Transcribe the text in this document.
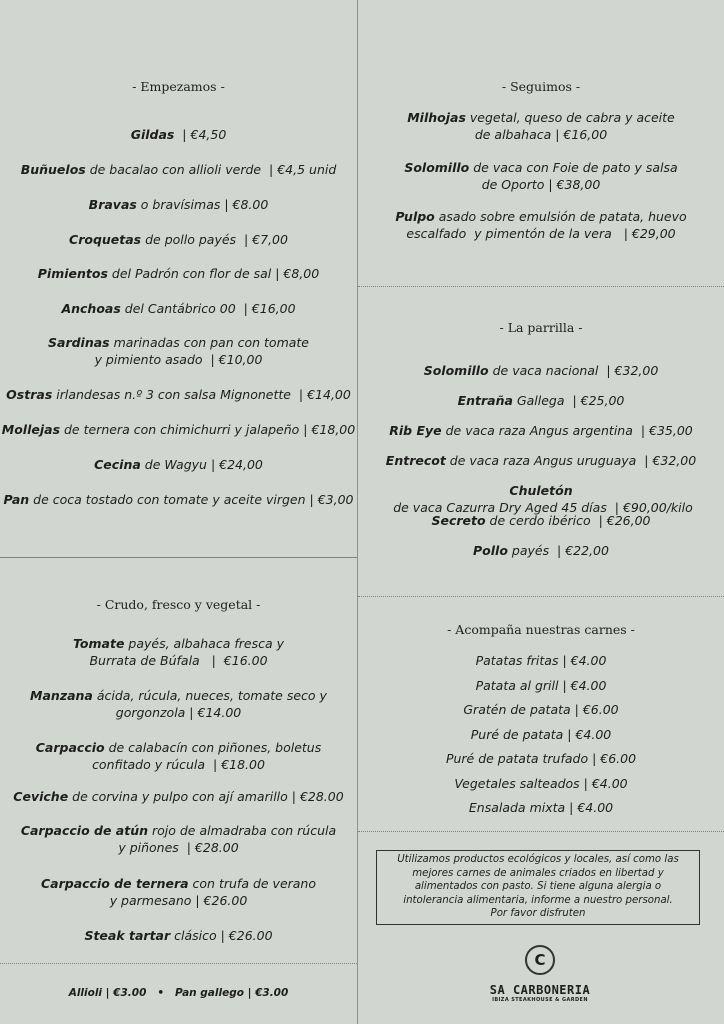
- Empezamos -
Gildas  | €4,50
Buñuelos de bacalao con allioli verde  | €4,5 unid
Bravas o bravísimas | €8.00
Croquetas de pollo payés  | €7,00
Pimientos del Padrón con flor de sal | €8,00
Anchoas del Cantábrico 00  | €16,00
Sardinas marinadas con pan con tomate
y pimiento asado  | €10,00
Ostras irlandesas n.º 3 con salsa Mignonette  | €14,00
Mollejas de ternera con chimichurri y jalapeño | €18,00
Cecina de Wagyu | €24,00
Pan de coca tostado con tomate y aceite virgen | €3,00
- Crudo, fresco y vegetal -
Tomate payés, albahaca fresca y
Burrata de Búfala   |  €16.00
Manzana ácida, rúcula, nueces, tomate seco y
gorgonzola | €14.00
Carpaccio de calabacín con piñones, boletus
confitado y rúcula  | €18.00
Ceviche de corvina y pulpo con ají amarillo | €28.00
Carpaccio de atún rojo de almadraba con rúcula
y piñones  | €28.00
Carpaccio de ternera con trufa de verano
y parmesano | €26.00
Steak tartar clásico | €26.00
Allioli | €3.00 • Pan gallego | €3.00
- Seguimos -
Milhojas vegetal, queso de cabra y aceite
de albahaca | €16,00
Solomillo de vaca con Foie de pato y salsa
de Oporto | €38,00
Pulpo asado sobre emulsión de patata, huevo
escalfado  y pimentón de la vera   | €29,00
- La parrilla -
Solomillo de vaca nacional  | €32,00
Entraña Gallega  | €25,00
Rib Eye de vaca raza Angus argentina  | €35,00
Entrecot de vaca raza Angus uruguaya  | €32,00
Chuletón de vaca Cazurra Dry Aged 45 días  | €90,00/kilo
Secreto de cerdo ibérico  | €26,00
Pollo payés  | €22,00
- Acompaña nuestras carnes -
Patatas fritas | €4.00
Patata al grill | €4.00
Gratén de patata | €6.00
Puré de patata | €4.00
Puré de patata trufado | €6.00
Vegetales salteados | €4.00
Ensalada mixta | €4.00
Utilizamos productos ecológicos y locales, así como las
mejores carnes de animales criados en libertad y
alimentados con pasto. Si tiene alguna alergia o
intolerancia alimentaria, informe a nuestro personal.
Por favor disfruten
C
SA CARBONERIA
IBIZA STEAKHOUSE & GARDEN
